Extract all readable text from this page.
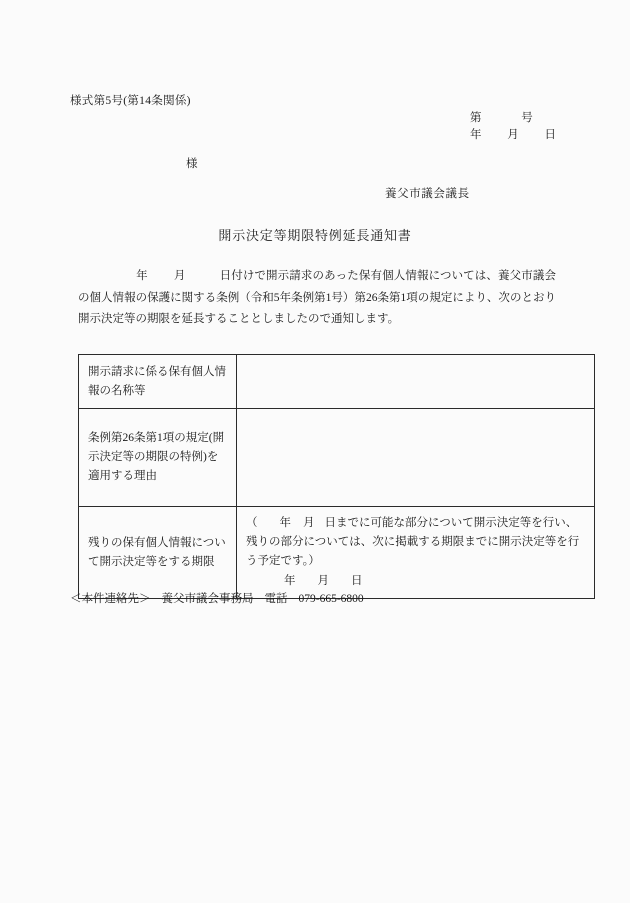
様式第5号(第14条関係)
第	号
年 月 日
様
養父市議会議長
開示決定等期限特例延長通知書
年 月	日付けで開示請求のあった保有個人情報については、養父市議会の個人情報の保護に関する条例（令和5年条例第1号）第26条第1項の規定により、次のとおり開示決定等の期限を延長することとしましたので通知します。
開示請求に係る保有個人情報の名称等	
条例第26条第1項の規定(開示決定等の期限の特例)を適用する理由	
残りの保有個人情報について開示決定等をする期限	（ 年 月 日までに可能な部分について開示決定等を行い、残りの部分については、次に掲載する期限までに開示決定等を行う予定です。）
年 月 日
＜本件連絡先＞ 養父市議会事務局 電話 079-665-6800
